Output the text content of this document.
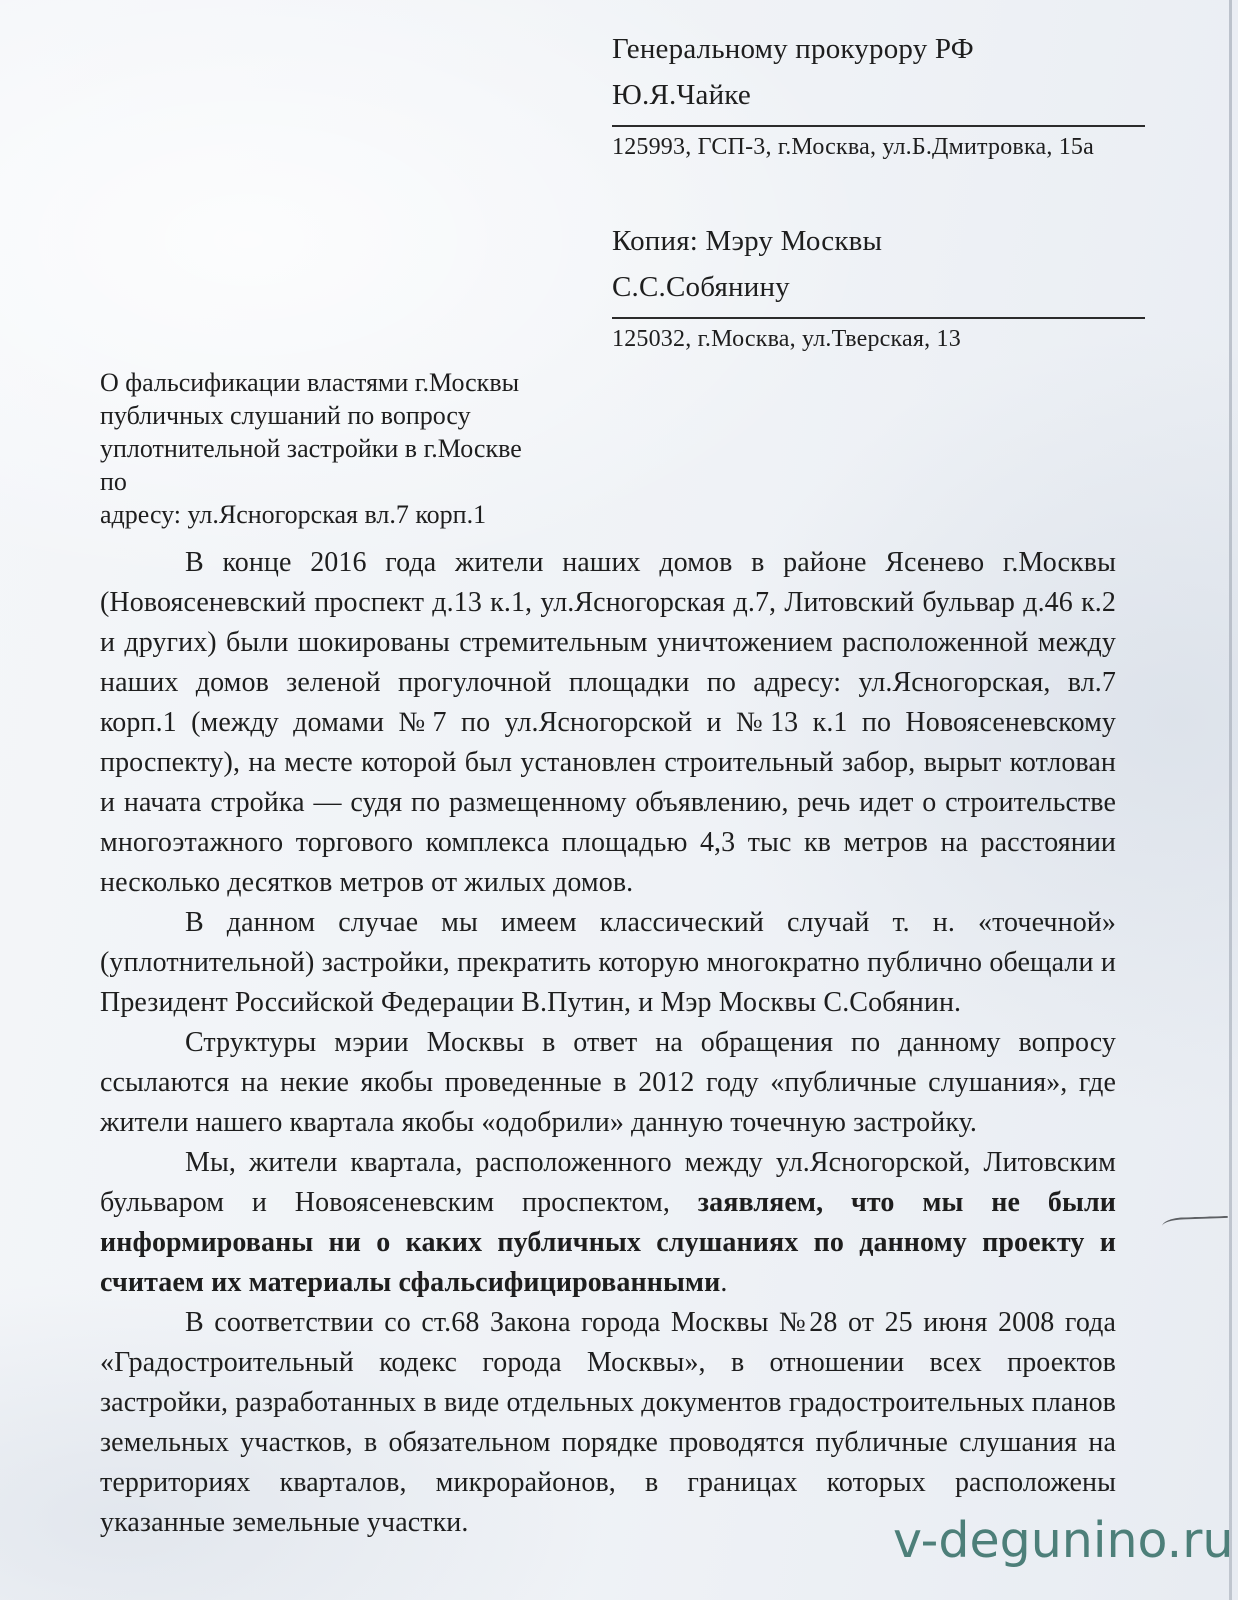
Генеральному прокурору РФ
Ю.Я.Чайке
125993, ГСП-3, г.Москва, ул.Б.Дмитровка, 15а
Копия: Мэру Москвы
С.С.Собянину
125032, г.Москва, ул.Тверская, 13
О фальсификации властями г.Москвы
публичных слушаний по вопросу
уплотнительной застройки в г.Москве по
адресу: ул.Ясногорская вл.7 корп.1

В конце 2016 года жители наших домов в районе Ясенево г.Москвы (Новоясеневский проспект д.13 к.1, ул.Ясногорская д.7, Литовский бульвар д.46 к.2 и других) были шокированы стремительным уничтожением расположенной между наших домов зеленой прогулочной площадки по адресу: ул.Ясногорская, вл.7 корп.1 (между домами №7 по ул.Ясногорской и №13 к.1 по Новоясеневскому проспекту), на месте которой был установлен строительный забор, вырыт котлован и начата стройка — судя по размещенному объявлению, речь идет о строительстве многоэтажного торгового комплекса площадью 4,3 тыс кв метров на расстоянии несколько десятков метров от жилых домов.

В данном случае мы имеем классический случай т. н. «точечной» (уплотнительной) застройки, прекратить которую многократно публично обещали и Президент Российской Федерации В.Путин, и Мэр Москвы С.Собянин.

Структуры мэрии Москвы в ответ на обращения по данному вопросу ссылаются на некие якобы проведенные в 2012 году «публичные слушания», где жители нашего квартала якобы «одобрили» данную точечную застройку.

Мы, жители квартала, расположенного между ул.Ясногорской, Литовским бульваром и Новоясеневским проспектом, заявляем, что мы не были информированы ни о каких публичных слушаниях по данному проекту и считаем их материалы сфальсифицированными.

В соответствии со ст.68 Закона города Москвы №28 от 25 июня 2008 года «Градостроительный кодекс города Москвы», в отношении всех проектов застройки, разработанных в виде отдельных документов градостроительных планов земельных участков, в обязательном порядке проводятся публичные слушания на территориях кварталов, микрорайонов, в границах которых расположены указанные земельные участки.	v-degunino.ru
